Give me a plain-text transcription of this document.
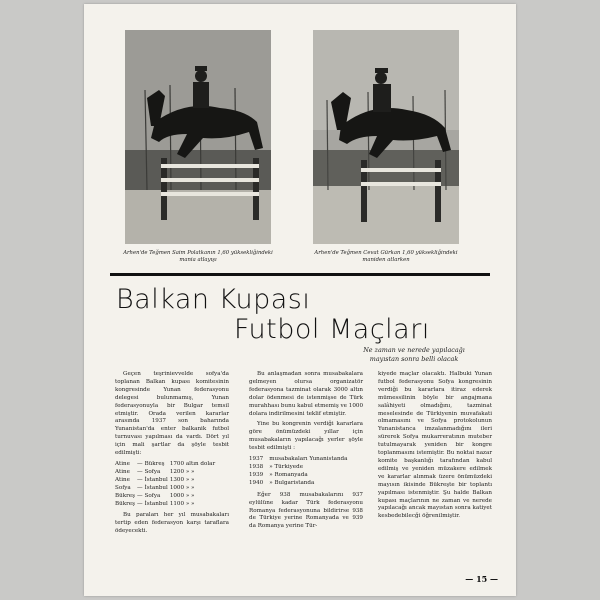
Arhen'de Teğmen Saim Polatkanın 1,60 yüksekliğindeki mania atlayışı
Arhen'de Teğmen Cevat Gürkan 1,60 yüksekliğindeki maniden atlarken
Balkan Kupası
Futbol Maçları
Ne zaman ve nerede yapılacağı mayıstan sonra belli olacak

Geçen teşrinievvelde sofya'da toplanan Balkan kupası komitesinin kongresinde Yunan federasyonu delegesi bulunmamış, Yunan federasyonuyla bir Bulgar temsil etmiştir. Orada verilen kararlar arasında 1937 son baharında Yunanistan'da enter balkanik futbol turnuvası yapılması da vardı. Dört yıl için mali şartlar da şöyle tesbit edilmişti:

Atine	—	Bükreş	1700 altın dolar
Atine	—	Sofya	1200 » »
Atine	—	İstanbul	1300 » »
Sofya	—	İstanbul	1000 » »
Bükreş	—	Sofya	1000 » »
Bükreş	—	İstanbul	1100 » »

Bu paraları her yıl musabakaları tertip eden federasyon karşı taraflara ödeyecekti.

Bu anlaşmadan sonra musabakalara gelmeyen olursa organizatör federasyona tazminat olarak 3000 altın dolar ödenmesi de istenmişse de Türk murahhası bunu kabul etmemiş ve 1000 dolara indirilmesini teklif etmiştir.

Yine bu kongrenin verdiği kararlara göre önümüzdeki yıllar için musabakaların yapılacağı yerler şöyle tesbit edilmişti :

1937	musabakaları Yunanistanda
1938	» Türkiyede
1939	» Romanyada
1940	» Bulgaristanda

Eğer 938 musabakalarını 937 eylülüne kadar Türk federasyonu Romanya federasyonuna bildirirse 938 de Türkiye yerine Romanyada ve 939 da Romanya yerine Tür-

kiyede maçlar olacaktı. Halbuki Yunan futbol federasyonu Sofya kongresinin verdiği bu kararlara itiraz ederek mümessilinin böyle bir angajmana salâhiyeti olmadığını, tazminat meselesinde de Türkiyenin muvafakati olmamasını ve Sofya protokolunun Yunanistanca imzalanmadığını ileri sürerek Sofya mukarreratının muteber tutulmayarak yeniden bir kongre toplanmasını istemiştir. Bu noktai nazar komite başkanlığı tarafından kabul edilmiş ve yeniden müzakere edilmek ve kararlar alınmak üzere önümüzdeki mayısın ikisinde Bükreşte bir toplantı yapılması istenmiştir. Şu halde Balkan kupası maçlarının ne zaman ve nerede yapılacağı ancak mayıstan sonra katiyet kesbedebilecği öğrenilmiştir.

— 15 —
